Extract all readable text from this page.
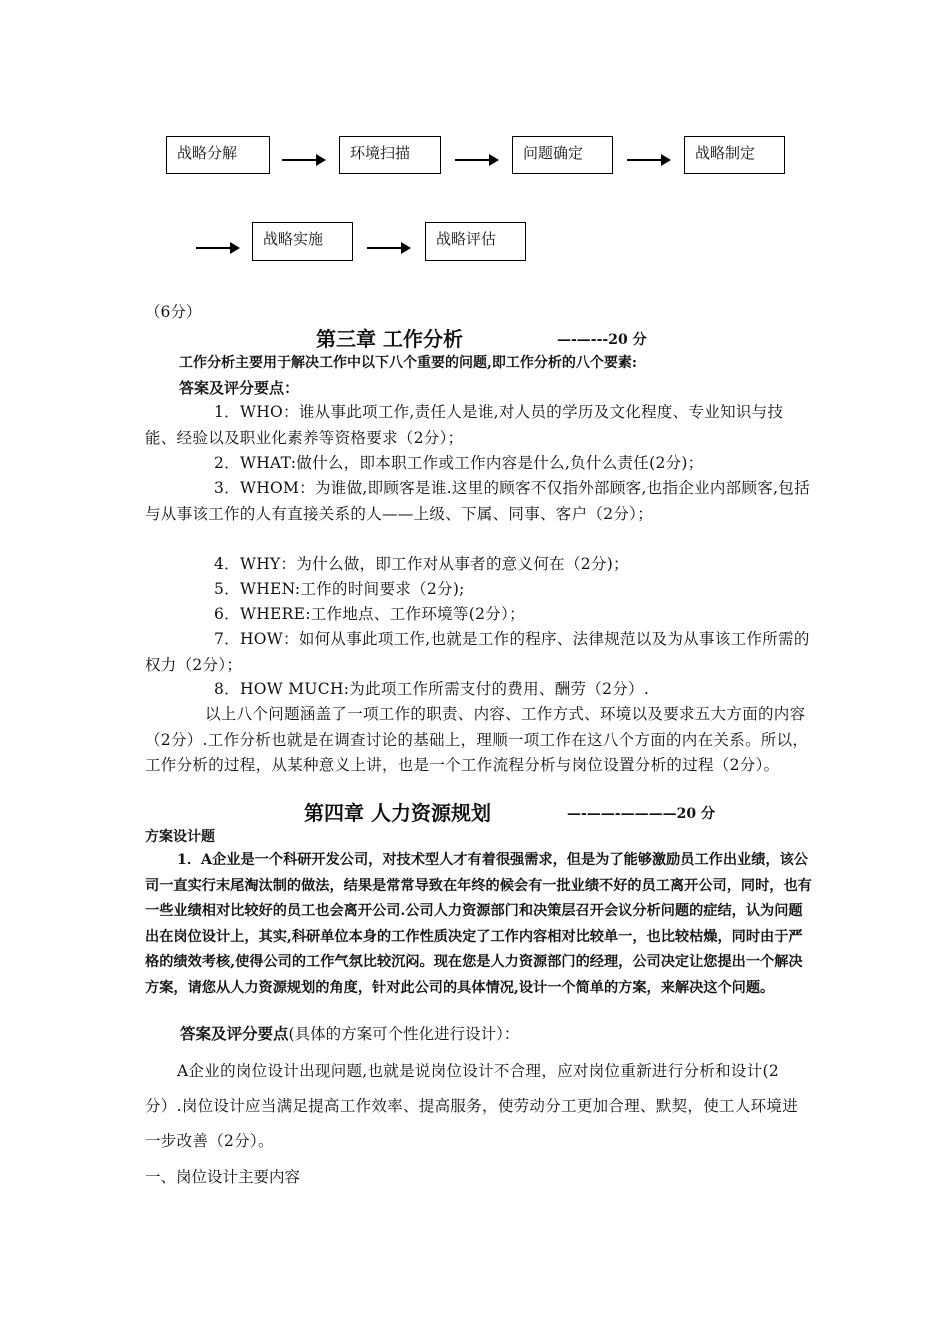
战略分解	环境扫描	问题确定	战略制定
战略实施	战略评估
（6分）
第三章 工作分析	—-—---20 分
工作分析主要用于解决工作中以下八个重要的问题,即工作分析的八个要素:
答案及评分要点：
1．WHO：谁从事此项工作,责任人是谁,对人员的学历及文化程度、专业知识与技能、经验以及职业化素养等资格要求（2分）；
2．WHAT:做什么，即本职工作或工作内容是什么,负什么责任(2分)；
3．WHOM：为谁做,即顾客是谁.这里的顾客不仅指外部顾客,也指企业内部顾客,包括与从事该工作的人有直接关系的人——上级、下属、同事、客户（2分）；
4．WHY：为什么做，即工作对从事者的意义何在（2分)；
5．WHEN:工作的时间要求（2分);
6．WHERE:工作地点、工作环境等(2分）；
7．HOW：如何从事此项工作,也就是工作的程序、法律规范以及为从事该工作所需的权力（2分）；
8．HOW MUCH:为此项工作所需支付的费用、酬劳（2分）.
以上八个问题涵盖了一项工作的职责、内容、工作方式、环境以及要求五大方面的内容（2分）.工作分析也就是在调查讨论的基础上，理顺一项工作在这八个方面的内在关系。所以，工作分析的过程，从某种意义上讲，也是一个工作流程分析与岗位设置分析的过程（2分）。
第四章 人力资源规划	—-——-————20 分
方案设计题
1．A企业是一个科研开发公司，对技术型人才有着很强需求，但是为了能够激励员工作出业绩，该公司一直实行末尾淘汰制的做法，结果是常常导致在年终的候会有一批业绩不好的员工离开公司，同时，也有一些业绩相对比较好的员工也会离开公司.公司人力资源部门和决策层召开会议分析问题的症结，认为问题出在岗位设计上，其实,科研单位本身的工作性质决定了工作内容相对比较单一，也比较枯燥，同时由于严格的绩效考核,使得公司的工作气氛比较沉闷。现在您是人力资源部门的经理，公司决定让您提出一个解决方案，请您从人力资源规划的角度，针对此公司的具体情况,设计一个简单的方案，来解决这个问题。
答案及评分要点(具体的方案可个性化进行设计）：
A企业的岗位设计出现问题,也就是说岗位设计不合理，应对岗位重新进行分析和设计(2分）.岗位设计应当满足提高工作效率、提高服务，使劳动分工更加合理、默契，使工人环境进一步改善（2分）。
一、岗位设计主要内容
